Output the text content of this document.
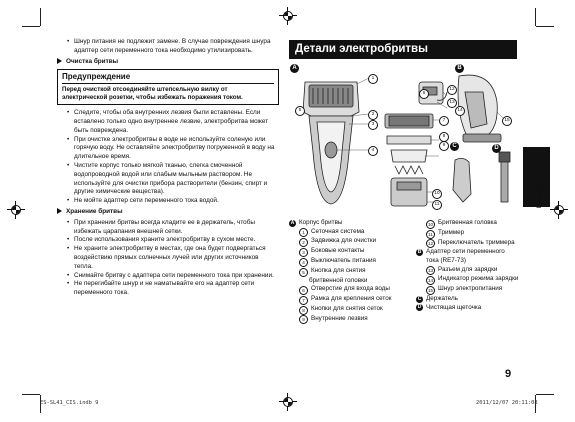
• Шнур питания не подлежит замене. В случае повреждения шнура адаптер сети переменного тока необходимо утилизировать.
Очистка бритвы
Предупреждение
Перед очисткой отсоединяйте штепсельную вилку от электрической розетки, чтобы избежать поражения током.
• Следите, чтобы оба внутренних лезвия были вставлены. Если вставлено только одно внутреннее лезвие, электробритва может быть повреждена.
• При очистке электробритвы в воде не используйте соленую или горячую воду. Не оставляйте электробритву погруженной в воду на длительное время.
• Чистите корпус только мягкой тканью, слегка смоченной водопроводной водой или слабым мыльным раствором. Не используйте для очистки прибора растворители (бензин, спирт и другие химические вещества).
• Не мойте адаптер сети переменного тока водой.
Хранение бритвы
• При хранении бритвы всегда кладите ее в держатель, чтобы избежать царапания внешней сетки.
• После использования храните электробритву в сухом месте.
• Не храните электробритву в местах, где она будет подвергаться воздействию прямых солнечных лучей или других источников тепла.
• Снимайте бритву с адаптера сети переменного тока при хранении.
• Не перегибайте шнур и не наматывайте его на адаптер сети переменного тока.
Детали электробритвы
Русский
A	B
C	D
1
2
3
4
5
6
7
8
9
10
11
12
13
14
15
A Корпус бритвы
1 Сеточная система
2 Задвижка для очистки
3 Боковые контакты
4 Выключатель питания
5 Кнопка для снятия
бритвенной головки
6 Отверстие для входа воды
7 Рамка для крепления сеток
8 Кнопки для снятия сеток
9 Внутренние лезвия
10 Бритвенная головка
11 Триммер
12 Переключатель триммера
B Адаптер сети переменного
тока (RE7-73)
13 Разъем для зарядки
14 Индикатор режима зарядки
15 Шнур электропитания
C Держатель
D Чистящая щеточка
9
ES-SL41_CIS.indb 9	2011/12/07 20:11:08
